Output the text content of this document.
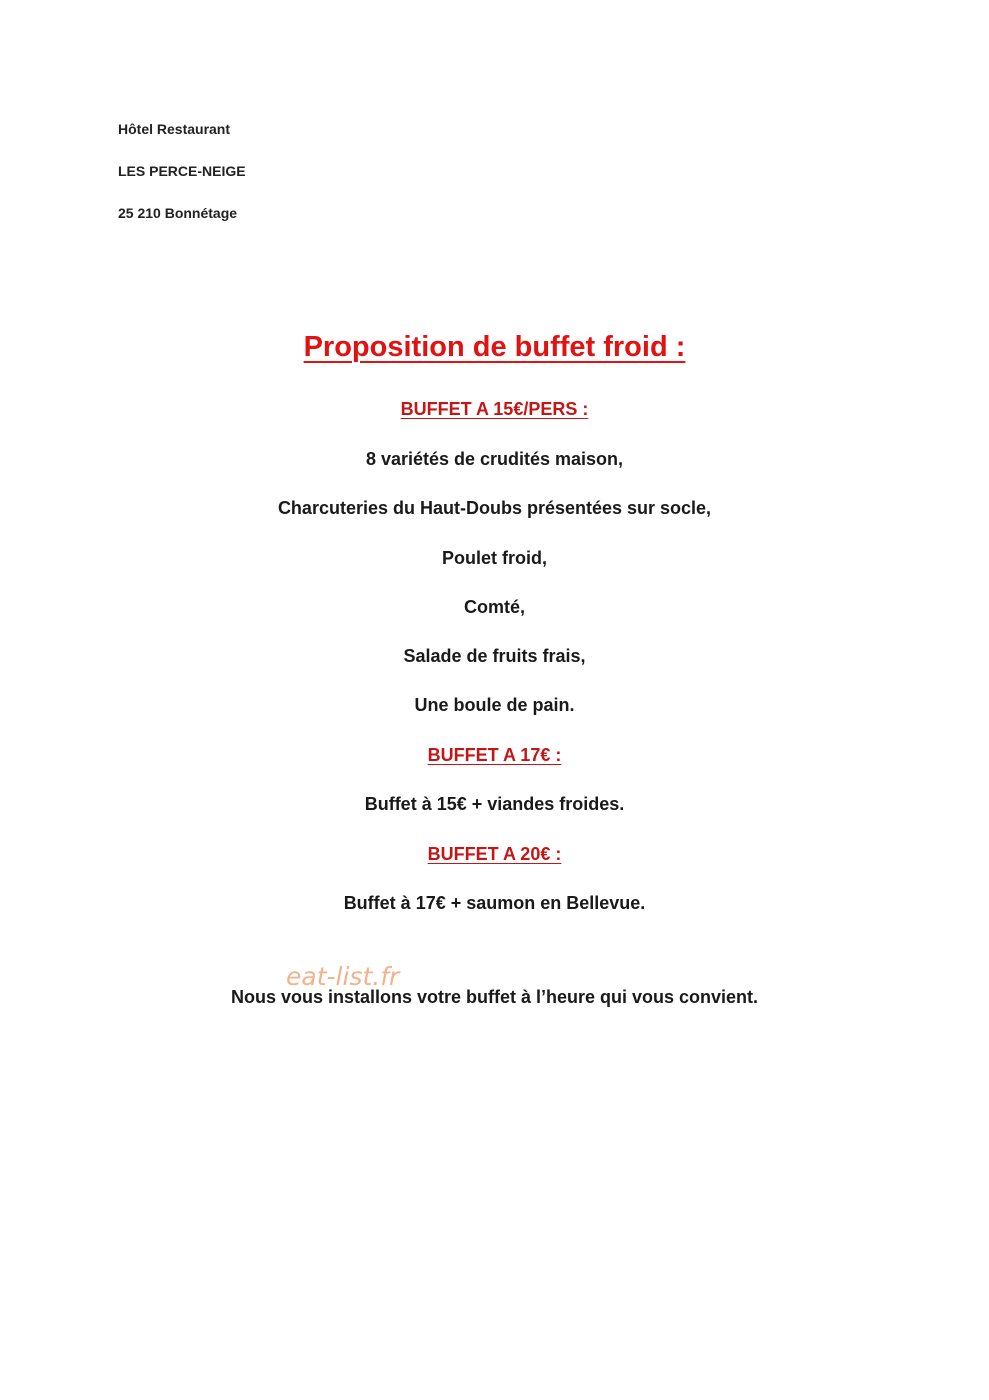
Hôtel Restaurant
LES PERCE-NEIGE
25 210 Bonnétage
Proposition de buffet froid :
BUFFET A 15€/PERS :
8 variétés de crudités maison,
Charcuteries du Haut-Doubs présentées sur socle,
Poulet froid,
Comté,
Salade de fruits frais,
Une boule de pain.
BUFFET A 17€ :
Buffet à 15€ + viandes froides.
BUFFET A 20€ :
Buffet à 17€ + saumon en Bellevue.
Nous vous installons votre buffet à l’heure qui vous convient.
eat-list.fr
